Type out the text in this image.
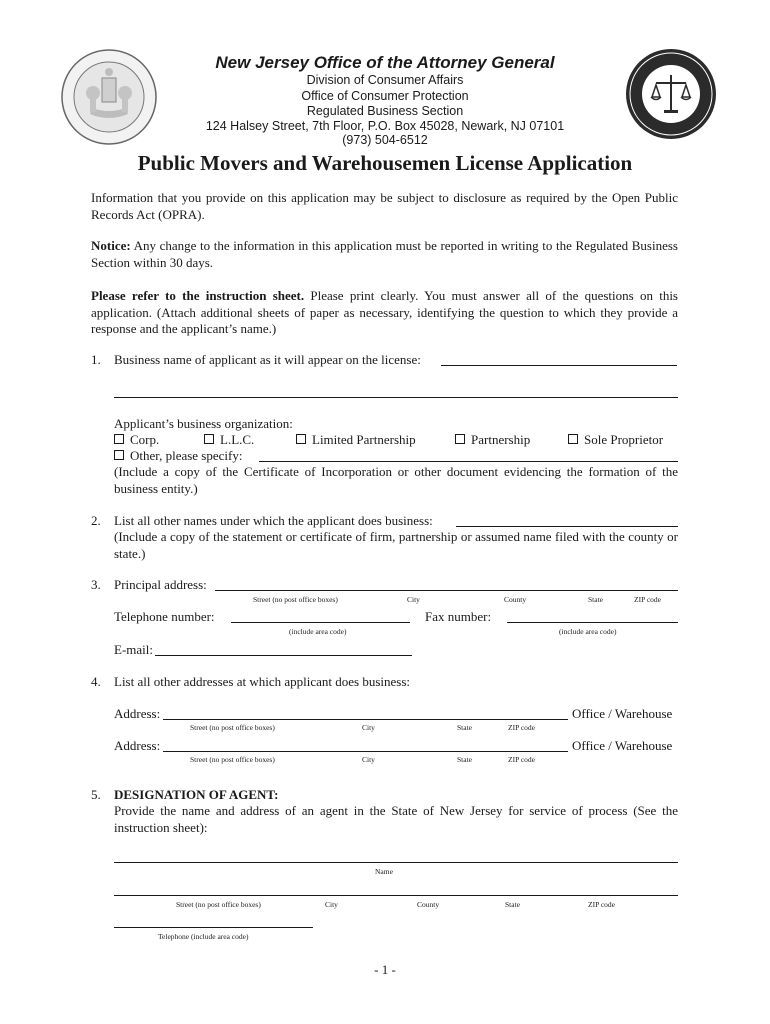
New Jersey Office of the Attorney General
Division of Consumer Affairs
Office of Consumer Protection
Regulated Business Section
124 Halsey Street, 7th Floor, P.O. Box 45028, Newark, NJ 07101
(973) 504-6512
Public Movers and Warehousemen License Application
Information that you provide on this application may be subject to disclosure as required by the Open Public Records Act (OPRA).
Notice: Any change to the information in this application must be reported in writing to the Regulated Business Section within 30 days.
Please refer to the instruction sheet. Please print clearly. You must answer all of the questions on this application. (Attach additional sheets of paper as necessary, identifying the question to which they provide a response and the applicant’s name.)
1. Business name of applicant as it will appear on the license:
Applicant’s business organization:
Corp.	L.L.C.	Limited Partnership	Partnership	Sole Proprietor
Other, please specify:
(Include a copy of the Certificate of Incorporation or other document evidencing the formation of the business entity.)
2. List all other names under which the applicant does business:
(Include a copy of the statement or certificate of firm, partnership or assumed name filed with the county or state.)
3. Principal address:
Street (no post office boxes)	City	County	State	ZIP code
Telephone number:
(include area code)
Fax number:
(include area code)
E-mail:
4. List all other addresses at which applicant does business:
Address:	Office / Warehouse
Street (no post office boxes)	City	State	ZIP code
Address:	Office / Warehouse
Street (no post office boxes)	City	State	ZIP code
5. DESIGNATION OF AGENT:
Provide the name and address of an agent in the State of New Jersey for service of process (See the instruction sheet):
Name
Street (no post office boxes)	City	County	State	ZIP code
Telephone (include area code)
- 1 -
